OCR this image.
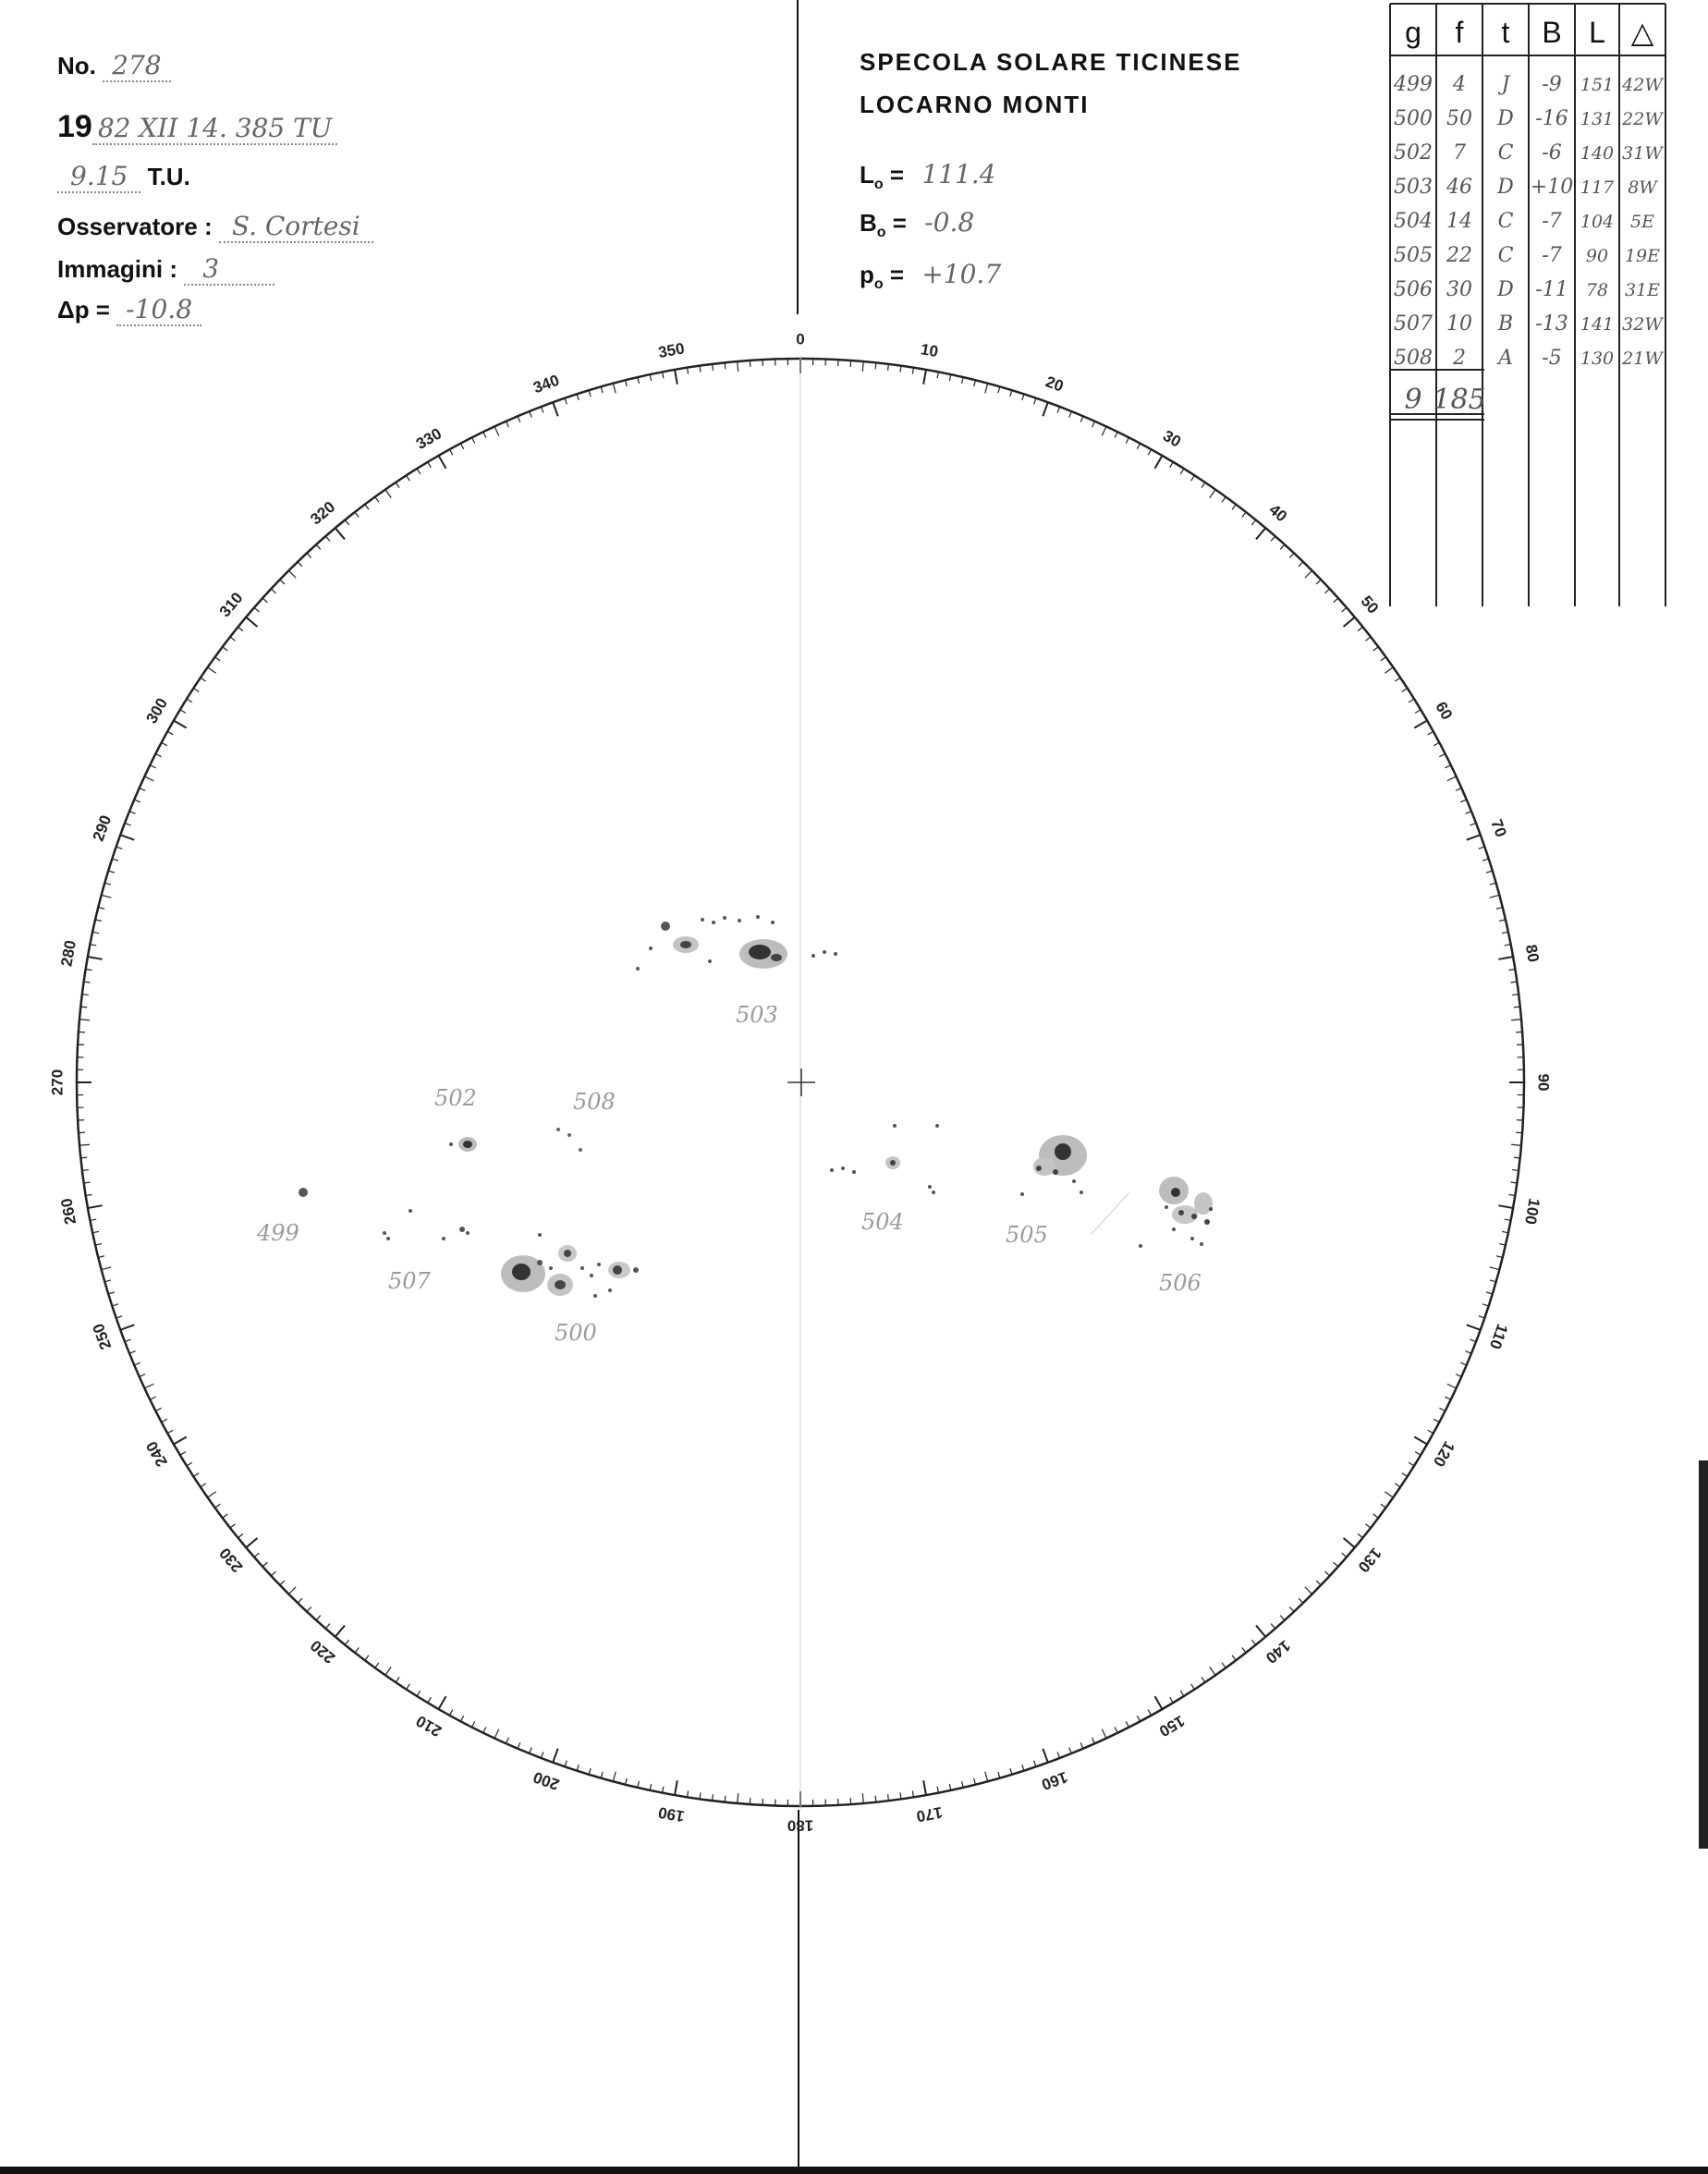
No. 278
19 82 XII 14. 385 TU
9.15 T.U.
Osservatore : S. Cortesi
Immagini : 3
Δp = -10.8
SPECOLA SOLARE TICINESE
LOCARNO MONTI
$L_o = 111.4$
$B_o = -0.8$
$p_o = +10.7$
g f t B L △
499 4 J -9 151 42W
500 50 D -16 131 22W
502 7 C -6 140 31W
503 46 D +10 117 8W
504 14 C -7 104 5E
505 22 C -7 90 19E
506 30 D -11 78 31E
507 10 B -13 141 32W
508 2 A -5 130 21W
9 185
0
10
20
30
40
50
60
70
80
90
100
110
120
130
140
150
160
170
180
190
200
210
220
230
240
250
260
270
280
290
300
310
320
330
340
350
503
502	508
499
507
500
504	505
506
